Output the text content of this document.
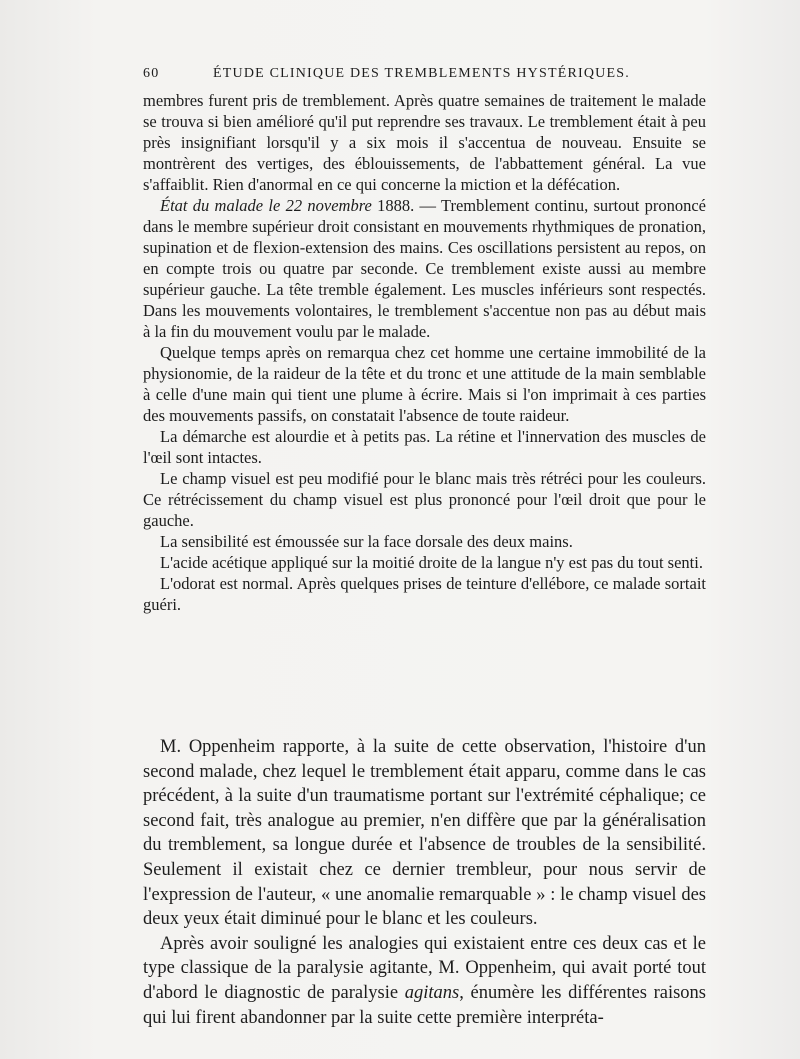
60	ÉTUDE CLINIQUE DES TREMBLEMENTS HYSTÉRIQUES.

membres furent pris de tremblement. Après quatre semaines de traitement le malade se trouva si bien amélioré qu'il put reprendre ses travaux. Le tremblement était à peu près insignifiant lorsqu'il y a six mois il s'accentua de nouveau. Ensuite se montrèrent des vertiges, des éblouissements, de l'abbattement général. La vue s'affaiblit. Rien d'anormal en ce qui concerne la miction et la défécation.

État du malade le 22 novembre 1888. — Tremblement continu, surtout prononcé dans le membre supérieur droit consistant en mouvements rhythmiques de pronation, supination et de flexion-extension des mains. Ces oscillations persistent au repos, on en compte trois ou quatre par seconde. Ce tremblement existe aussi au membre supérieur gauche. La tête tremble également. Les muscles inférieurs sont respectés. Dans les mouvements volontaires, le tremblement s'accentue non pas au début mais à la fin du mouvement voulu par le malade.

Quelque temps après on remarqua chez cet homme une certaine immobilité de la physionomie, de la raideur de la tête et du tronc et une attitude de la main semblable à celle d'une main qui tient une plume à écrire. Mais si l'on imprimait à ces parties des mouvements passifs, on constatait l'absence de toute raideur.

La démarche est alourdie et à petits pas. La rétine et l'innervation des muscles de l'œil sont intactes.

Le champ visuel est peu modifié pour le blanc mais très rétréci pour les couleurs. Ce rétrécissement du champ visuel est plus prononcé pour l'œil droit que pour le gauche.

La sensibilité est émoussée sur la face dorsale des deux mains.

L'acide acétique appliqué sur la moitié droite de la langue n'y est pas du tout senti.

L'odorat est normal. Après quelques prises de teinture d'ellébore, ce malade sortait guéri.

M. Oppenheim rapporte, à la suite de cette observation, l'histoire d'un second malade, chez lequel le tremblement était apparu, comme dans le cas précédent, à la suite d'un traumatisme portant sur l'extrémité céphalique; ce second fait, très analogue au premier, n'en diffère que par la généralisation du tremblement, sa longue durée et l'absence de troubles de la sensibilité. Seulement il existait chez ce dernier trembleur, pour nous servir de l'expression de l'auteur, « une anomalie remarquable » : le champ visuel des deux yeux était diminué pour le blanc et les couleurs.

Après avoir souligné les analogies qui existaient entre ces deux cas et le type classique de la paralysie agitante, M. Oppenheim, qui avait porté tout d'abord le diagnostic de paralysie agitans, énumère les différentes raisons qui lui firent abandonner par la suite cette première interpréta-
